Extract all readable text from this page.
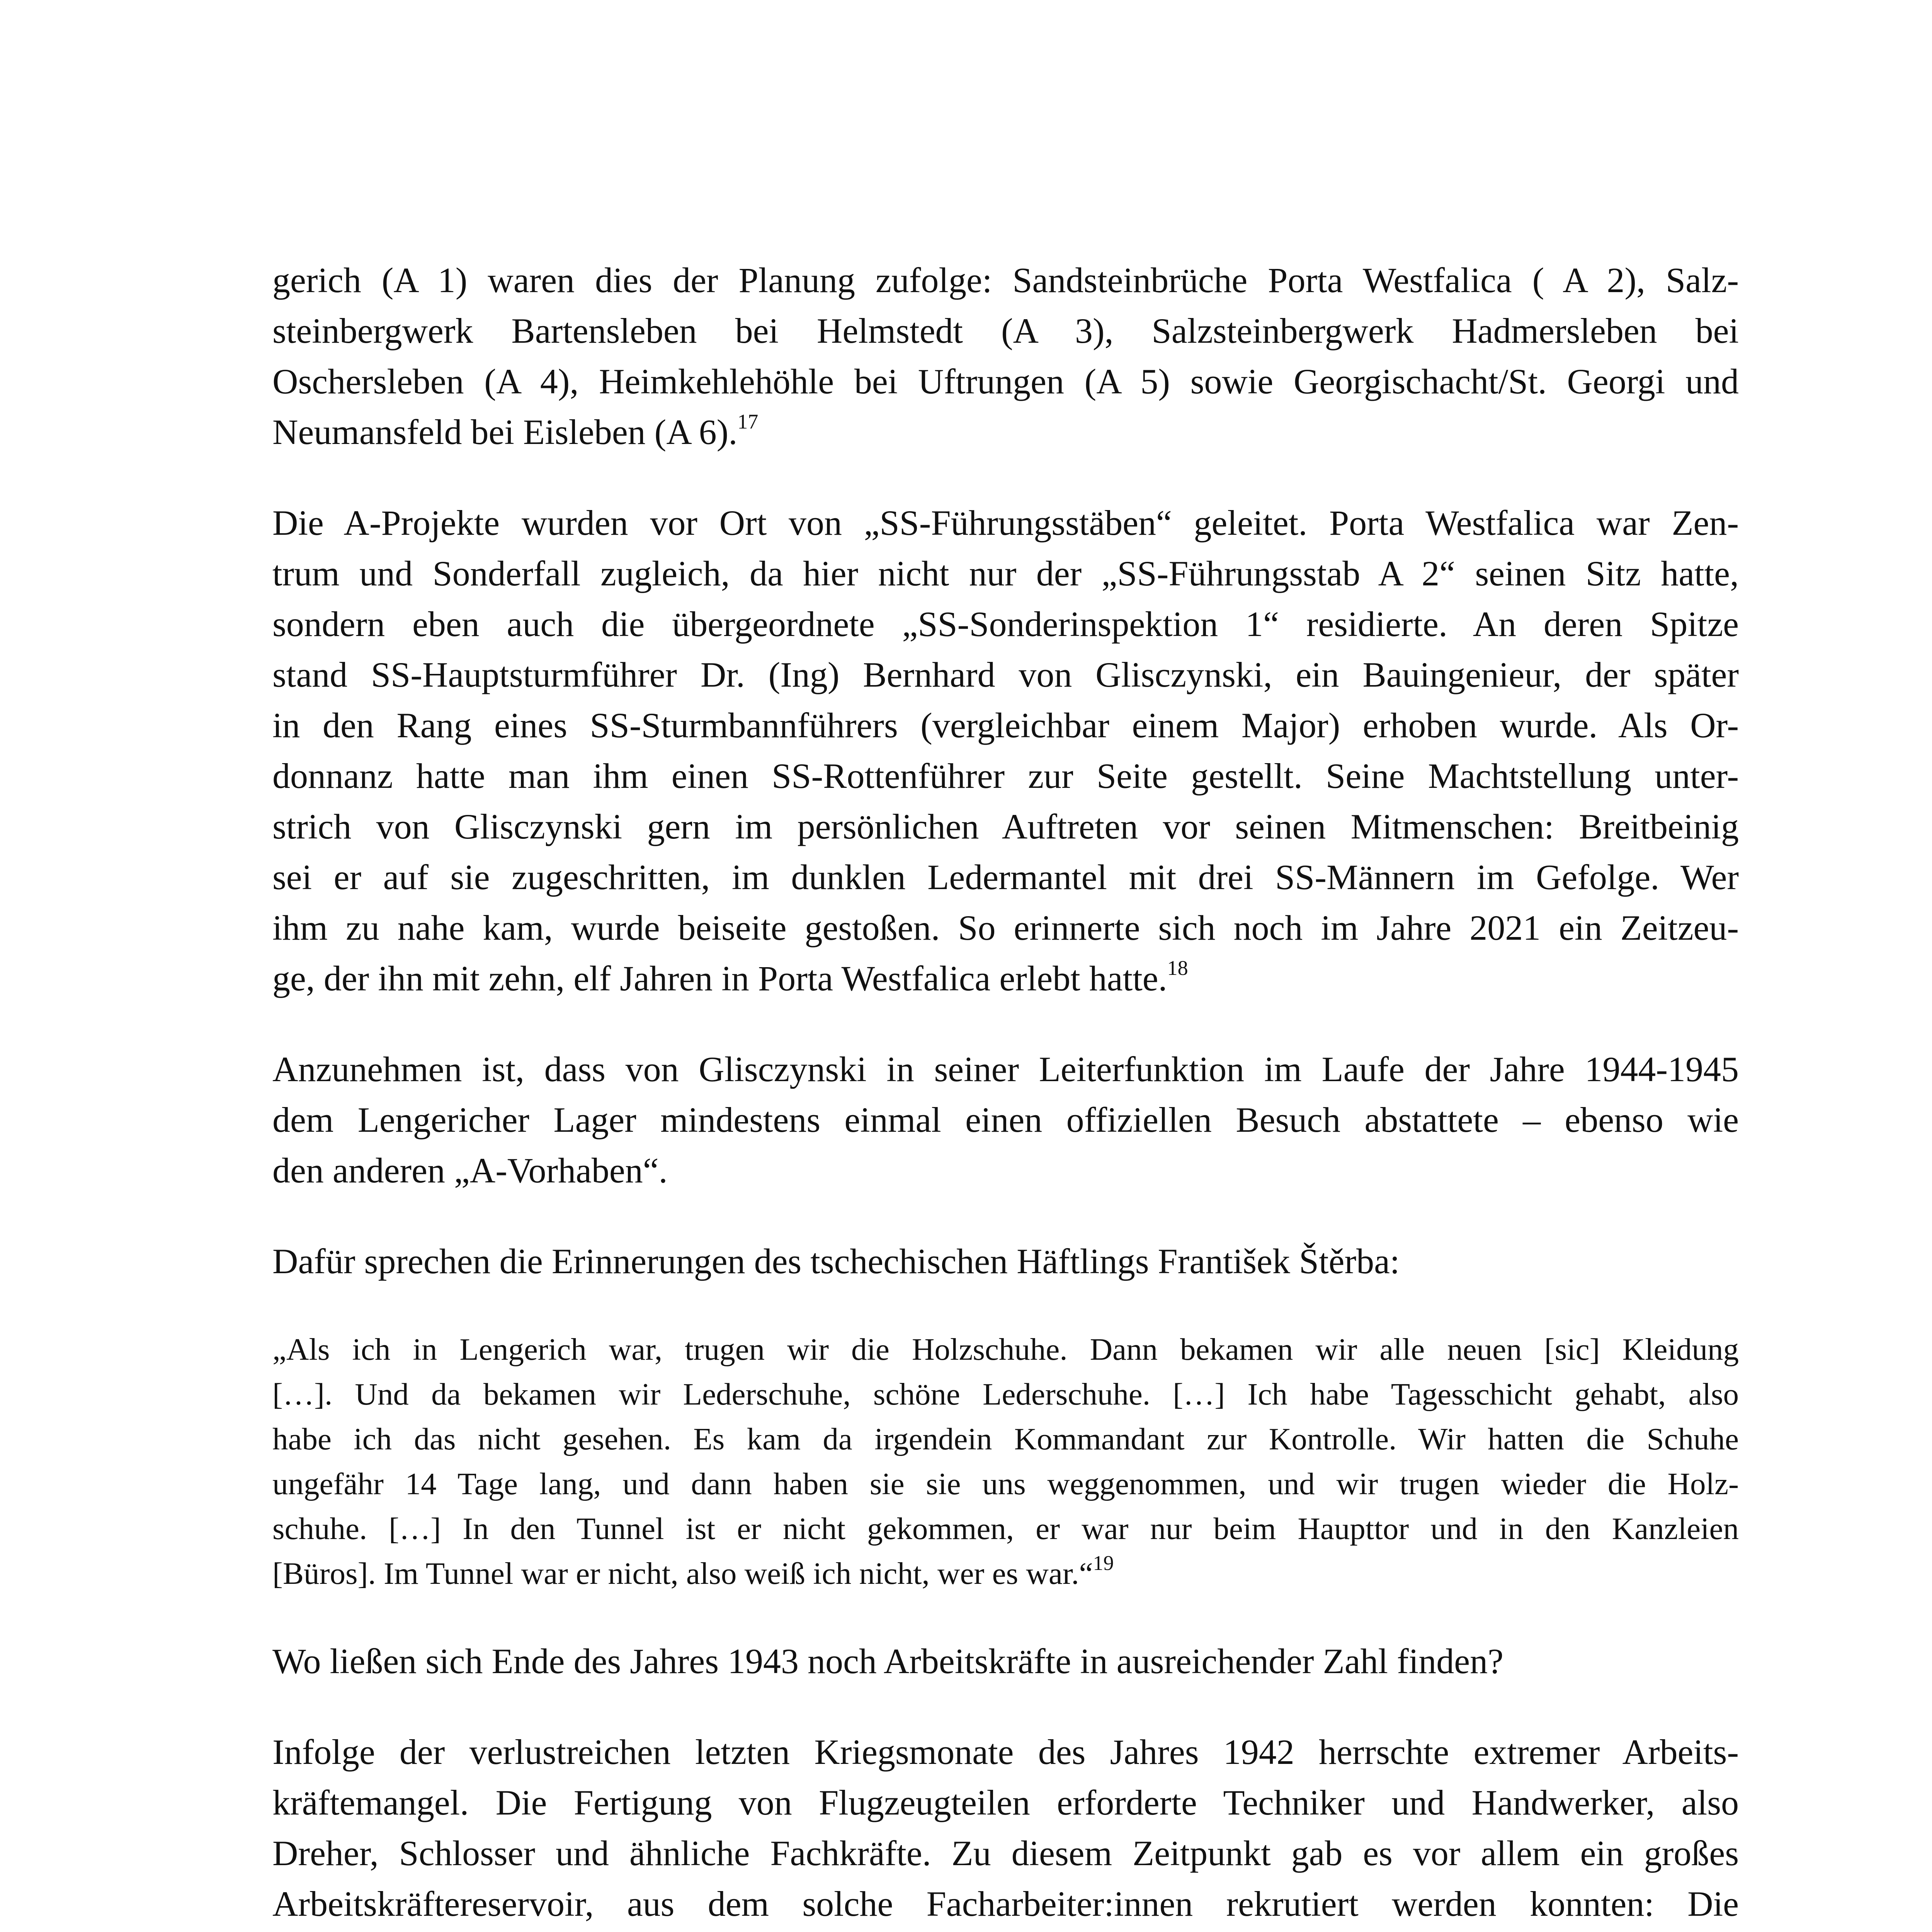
gerich (A 1) waren dies der Planung zufolge: Sandsteinbrüche Porta Westfalica ( A 2), Salz-
steinbergwerk Bartensleben bei Helmstedt (A 3), Salzsteinbergwerk Hadmersleben bei
Oschersleben (A 4), Heimkehlehöhle bei Uftrungen (A 5) sowie Georgischacht/St. Georgi und
Neumansfeld bei Eisleben (A 6).$^{17}$
Die A-Projekte wurden vor Ort von „SS-Führungsstäben“ geleitet. Porta Westfalica war Zen-
trum und Sonderfall zugleich, da hier nicht nur der „SS-Führungsstab A 2“ seinen Sitz hatte,
sondern eben auch die übergeordnete „SS-Sonderinspektion 1“ residierte. An deren Spitze
stand SS-Hauptsturmführer Dr. (Ing) Bernhard von Glisczynski, ein Bauingenieur, der später
in den Rang eines SS-Sturmbannführers (vergleichbar einem Major) erhoben wurde. Als Or-
donnanz hatte man ihm einen SS-Rottenführer zur Seite gestellt. Seine Machtstellung unter-
strich von Glisczynski gern im persönlichen Auftreten vor seinen Mitmenschen: Breitbeinig
sei er auf sie zugeschritten, im dunklen Ledermantel mit drei SS-Männern im Gefolge. Wer
ihm zu nahe kam, wurde beiseite gestoßen. So erinnerte sich noch im Jahre 2021 ein Zeitzeu-
ge, der ihn mit zehn, elf Jahren in Porta Westfalica erlebt hatte.$^{18}$
Anzunehmen ist, dass von Glisczynski in seiner Leiterfunktion im Laufe der Jahre 1944-1945
dem Lengericher Lager mindestens einmal einen offiziellen Besuch abstattete – ebenso wie
den anderen „A-Vorhaben“.
Dafür sprechen die Erinnerungen des tschechischen Häftlings František Štěrba:
„Als ich in Lengerich war, trugen wir die Holzschuhe. Dann bekamen wir alle neuen [sic] Kleidung
[…]. Und da bekamen wir Lederschuhe, schöne Lederschuhe. […] Ich habe Tagesschicht gehabt, also
habe ich das nicht gesehen. Es kam da irgendein Kommandant zur Kontrolle. Wir hatten die Schuhe
ungefähr 14 Tage lang, und dann haben sie sie uns weggenommen, und wir trugen wieder die Holz-
schuhe. […] In den Tunnel ist er nicht gekommen, er war nur beim Haupttor und in den Kanzleien
[Büros]. Im Tunnel war er nicht, also weiß ich nicht, wer es war.“$^{19}$
Wo ließen sich Ende des Jahres 1943 noch Arbeitskräfte in ausreichender Zahl finden?
Infolge der verlustreichen letzten Kriegsmonate des Jahres 1942 herrschte extremer Arbeits-
kräftemangel. Die Fertigung von Flugzeugteilen erforderte Techniker und Handwerker, also
Dreher, Schlosser und ähnliche Fachkräfte. Zu diesem Zeitpunkt gab es vor allem ein großes
Arbeitskräftereservoir, aus dem solche Facharbeiter:innen rekrutiert werden konnten: Die
